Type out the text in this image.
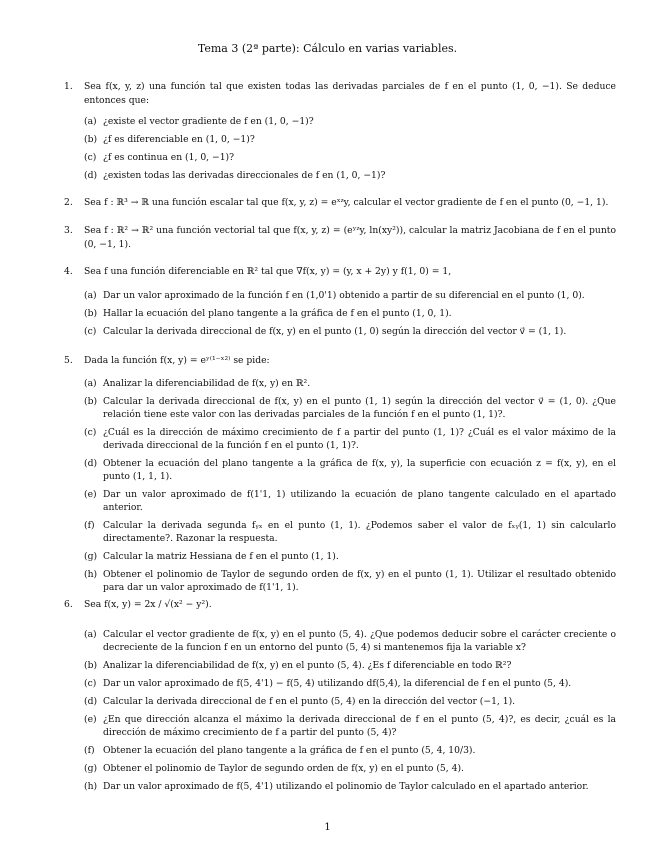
Tema 3 (2ª parte): Cálculo en varias variables.
1. Sea f(x, y, z) una función tal que existen todas las derivadas parciales de f en el punto (1, 0, −1). Se deduce entonces que:
(a) ¿existe el vector gradiente de f en (1, 0, −1)?
(b) ¿f es diferenciable en (1, 0, −1)?
(c) ¿f es continua en (1, 0, −1)?
(d) ¿existen todas las derivadas direccionales de f en (1, 0, −1)?
2. Sea f : ℝ³ → ℝ una función escalar tal que f(x, y, z) = eˣᶻy, calcular el vector gradiente de f en el punto (0, −1, 1).
3. Sea f : ℝ² → ℝ² una función vectorial tal que f(x, y, z) = (eʸᶻy, ln(xy²)), calcular la matriz Jacobiana de f en el punto (0, −1, 1).
4. Sea f una función diferenciable en ℝ² tal que ∇f(x, y) = (y, x + 2y) y f(1, 0) = 1,
(a) Dar un valor aproximado de la función f en (1,0'1) obtenido a partir de su diferencial en el punto (1, 0).
(b) Hallar la ecuación del plano tangente a la gráfica de f en el punto (1, 0, 1).
(c) Calcular la derivada direccional de f(x, y) en el punto (1, 0) según la dirección del vector v⃗ = (1, 1).
5. Dada la función f(x, y) = eʸ⁽¹⁻ˣ²⁾ se pide:
(a) Analizar la diferenciabilidad de f(x, y) en ℝ².
(b) Calcular la derivada direccional de f(x, y) en el punto (1, 1) según la dirección del vector v⃗ = (1, 0). ¿Que relación tiene este valor con las derivadas parciales de la función f en el punto (1, 1)?.
(c) ¿Cuál es la dirección de máximo crecimiento de f a partir del punto (1, 1)? ¿Cuál es el valor máximo de la derivada direccional de la función f en el punto (1, 1)?.
(d) Obtener la ecuación del plano tangente a la gráfica de f(x, y), la superficie con ecuación z = f(x, y), en el punto (1, 1, 1).
(e) Dar un valor aproximado de f(1'1, 1) utilizando la ecuación de plano tangente calculado en el apartado anterior.
(f) Calcular la derivada segunda fᵧₓ en el punto (1, 1). ¿Podemos saber el valor de fₓᵧ(1, 1) sin calcularlo directamente?. Razonar la respuesta.
(g) Calcular la matriz Hessiana de f en el punto (1, 1).
(h) Obtener el polinomio de Taylor de segundo orden de f(x, y) en el punto (1, 1). Utilizar el resultado obtenido para dar un valor aproximado de f(1'1, 1).
6. Sea f(x, y) = 2x / √(x² − y²).
(a) Calcular el vector gradiente de f(x, y) en el punto (5, 4). ¿Que podemos deducir sobre el carácter creciente o decreciente de la funcion f en un entorno del punto (5, 4) si mantenemos fija la variable x?
(b) Analizar la diferenciabilidad de f(x, y) en el punto (5, 4). ¿Es f diferenciable en todo ℝ²?
(c) Dar un valor aproximado de f(5, 4'1) − f(5, 4) utilizando df(5,4), la diferencial de f en el punto (5, 4).
(d) Calcular la derivada direccional de f en el punto (5, 4) en la dirección del vector (−1, 1).
(e) ¿En que dirección alcanza el máximo la derivada direccional de f en el punto (5, 4)?, es decir, ¿cuál es la dirección de máximo crecimiento de f a partir del punto (5, 4)?
(f) Obtener la ecuación del plano tangente a la gráfica de f en el punto (5, 4, 10/3).
(g) Obtener el polinomio de Taylor de segundo orden de f(x, y) en el punto (5, 4).
(h) Dar un valor aproximado de f(5, 4'1) utilizando el polinomio de Taylor calculado en el apartado anterior.
1
